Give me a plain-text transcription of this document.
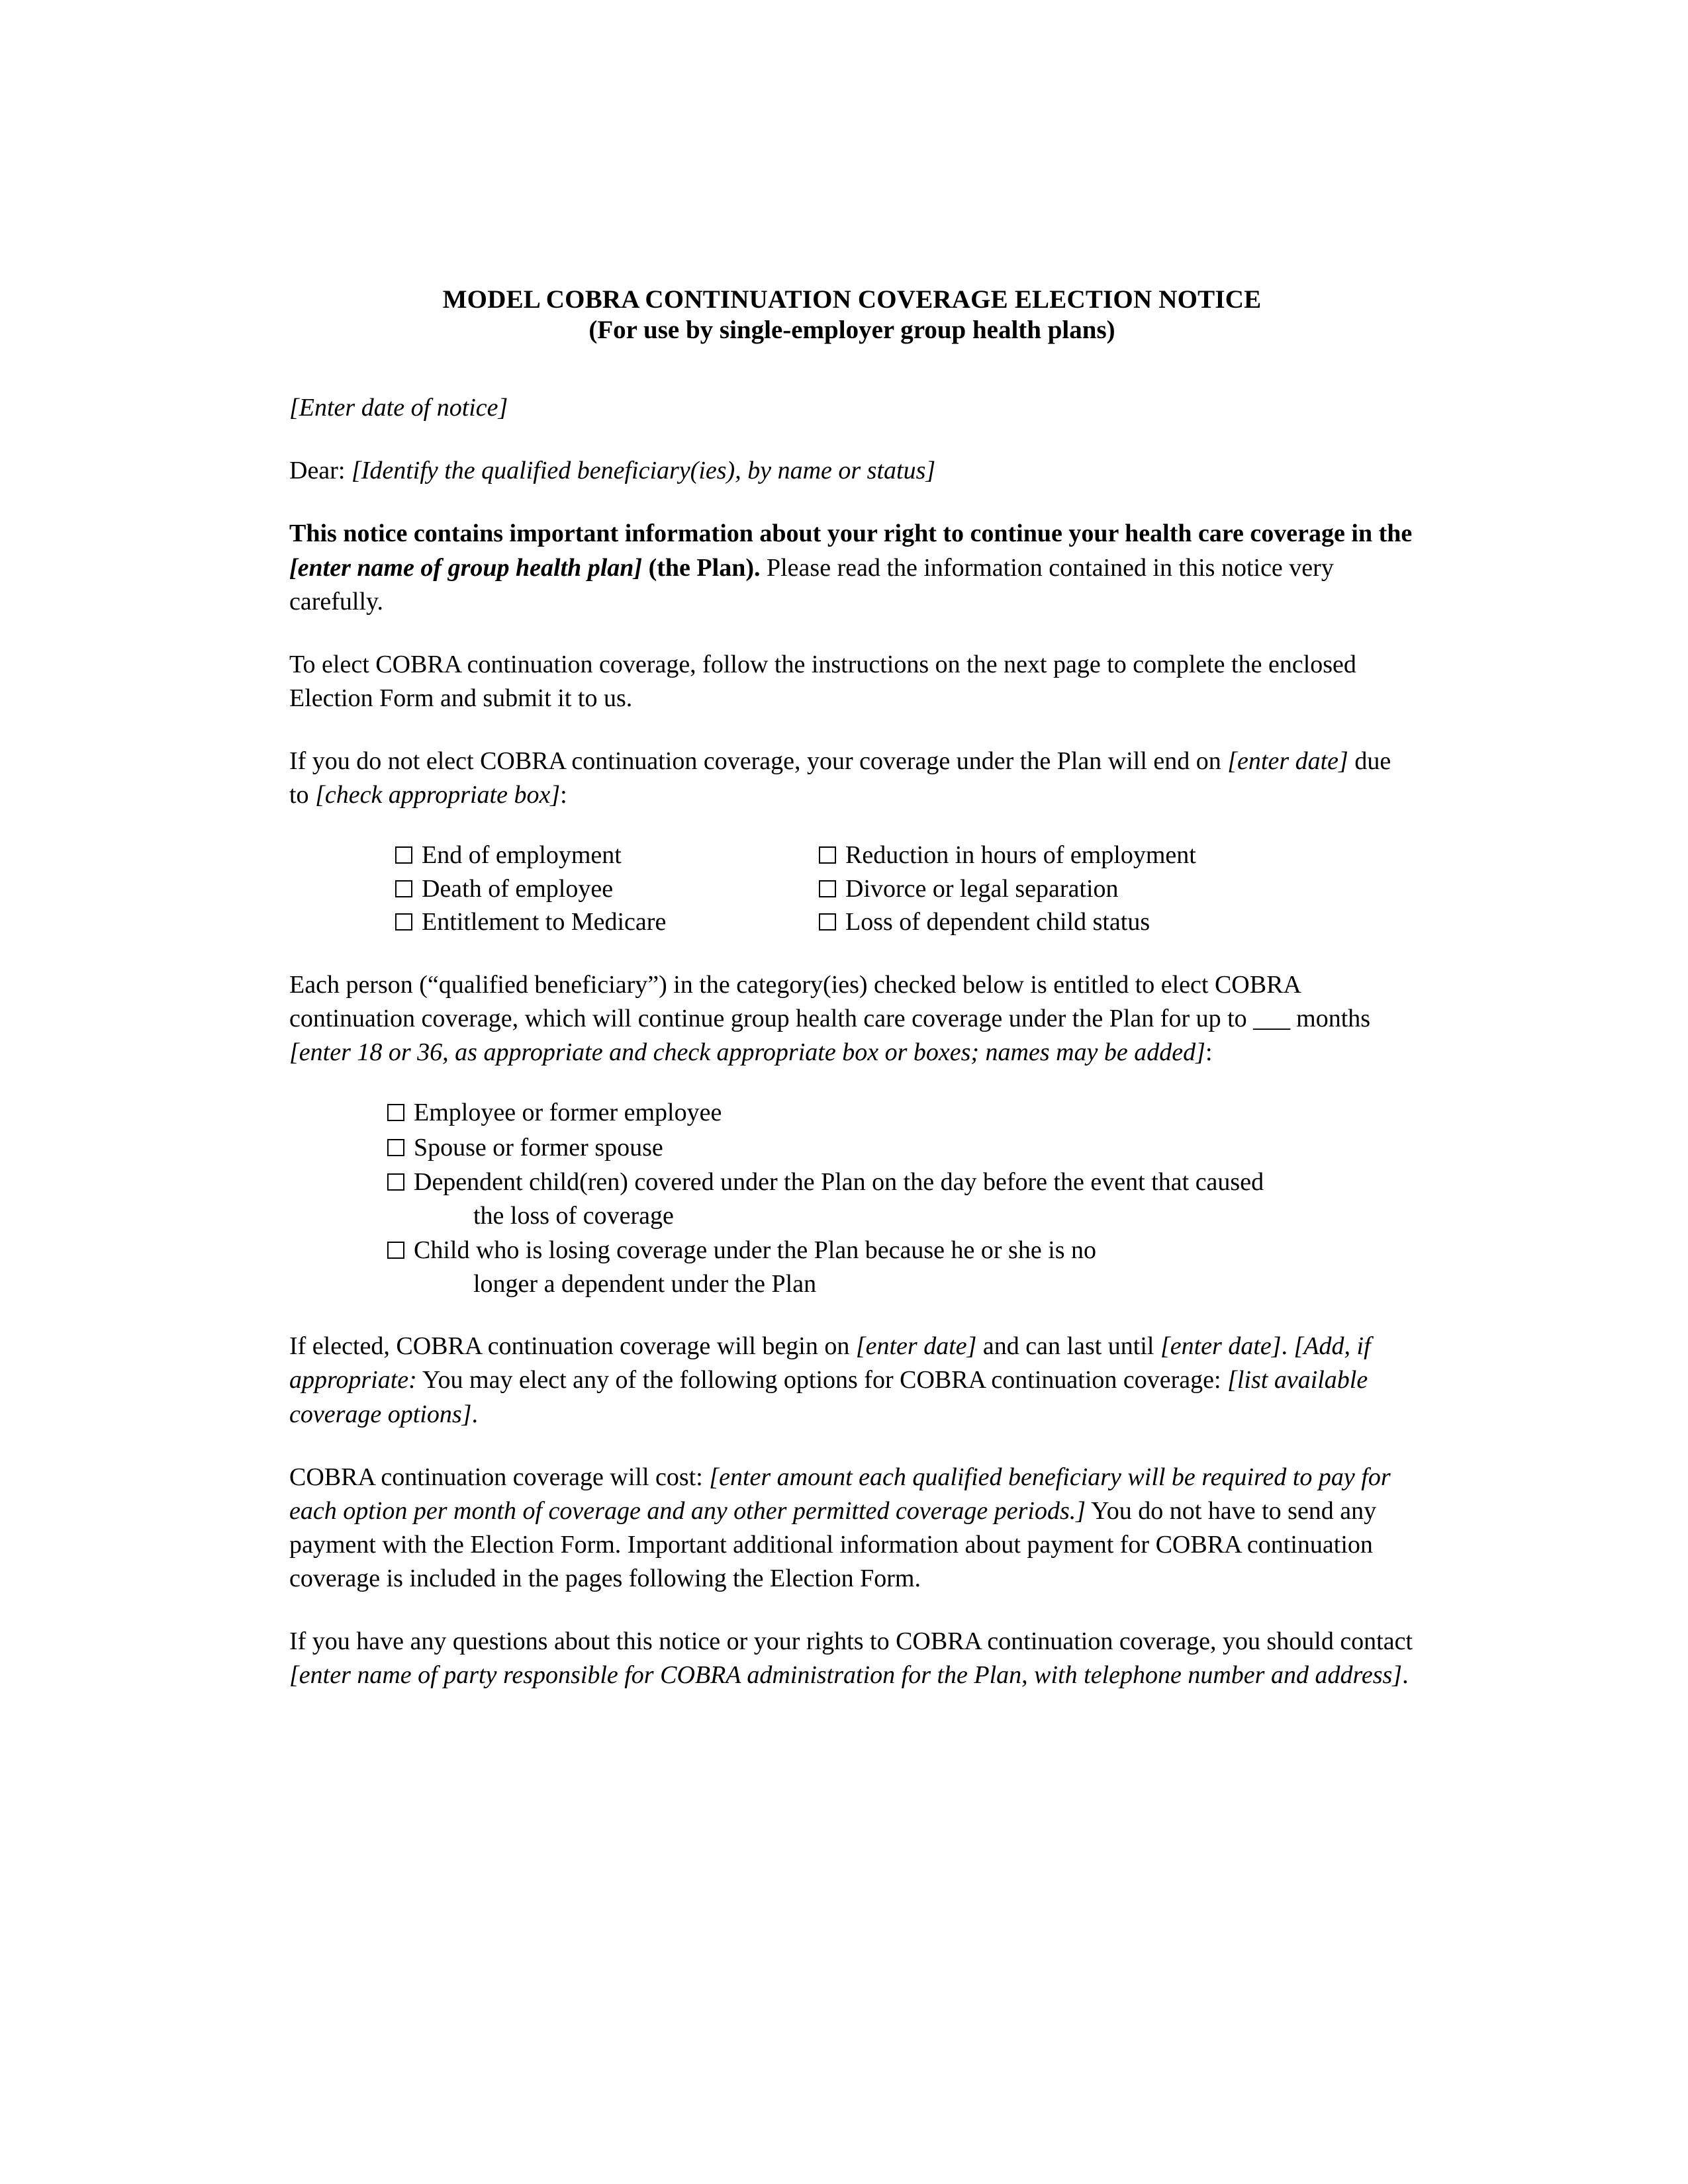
MODEL COBRA CONTINUATION COVERAGE ELECTION NOTICE
(For use by single-employer group health plans)

[Enter date of notice]

Dear: [Identify the qualified beneficiary(ies), by name or status]

This notice contains important information about your right to continue your health care coverage in the [enter name of group health plan] (the Plan). Please read the information contained in this notice very carefully.

To elect COBRA continuation coverage, follow the instructions on the next page to complete the enclosed Election Form and submit it to us.

If you do not elect COBRA continuation coverage, your coverage under the Plan will end on [enter date] due to [check appropriate box]:

End of employment	Reduction in hours of employment
Death of employee	Divorce or legal separation
Entitlement to Medicare	Loss of dependent child status

Each person (“qualified beneficiary”) in the category(ies) checked below is entitled to elect COBRA continuation coverage, which will continue group health care coverage under the Plan for up to ___ months [enter 18 or 36, as appropriate and check appropriate box or boxes; names may be added]:

Employee or former employee
Spouse or former spouse
Dependent child(ren) covered under the Plan on the day before the event that caused
the loss of coverage
Child who is losing coverage under the Plan because he or she is no
longer a dependent under the Plan

If elected, COBRA continuation coverage will begin on [enter date] and can last until [enter date]. [Add, if appropriate: You may elect any of the following options for COBRA continuation coverage: [list available coverage options].

COBRA continuation coverage will cost: [enter amount each qualified beneficiary will be required to pay for each option per month of coverage and any other permitted coverage periods.] You do not have to send any payment with the Election Form. Important additional information about payment for COBRA continuation coverage is included in the pages following the Election Form.

If you have any questions about this notice or your rights to COBRA continuation coverage, you should contact [enter name of party responsible for COBRA administration for the Plan, with telephone number and address].
